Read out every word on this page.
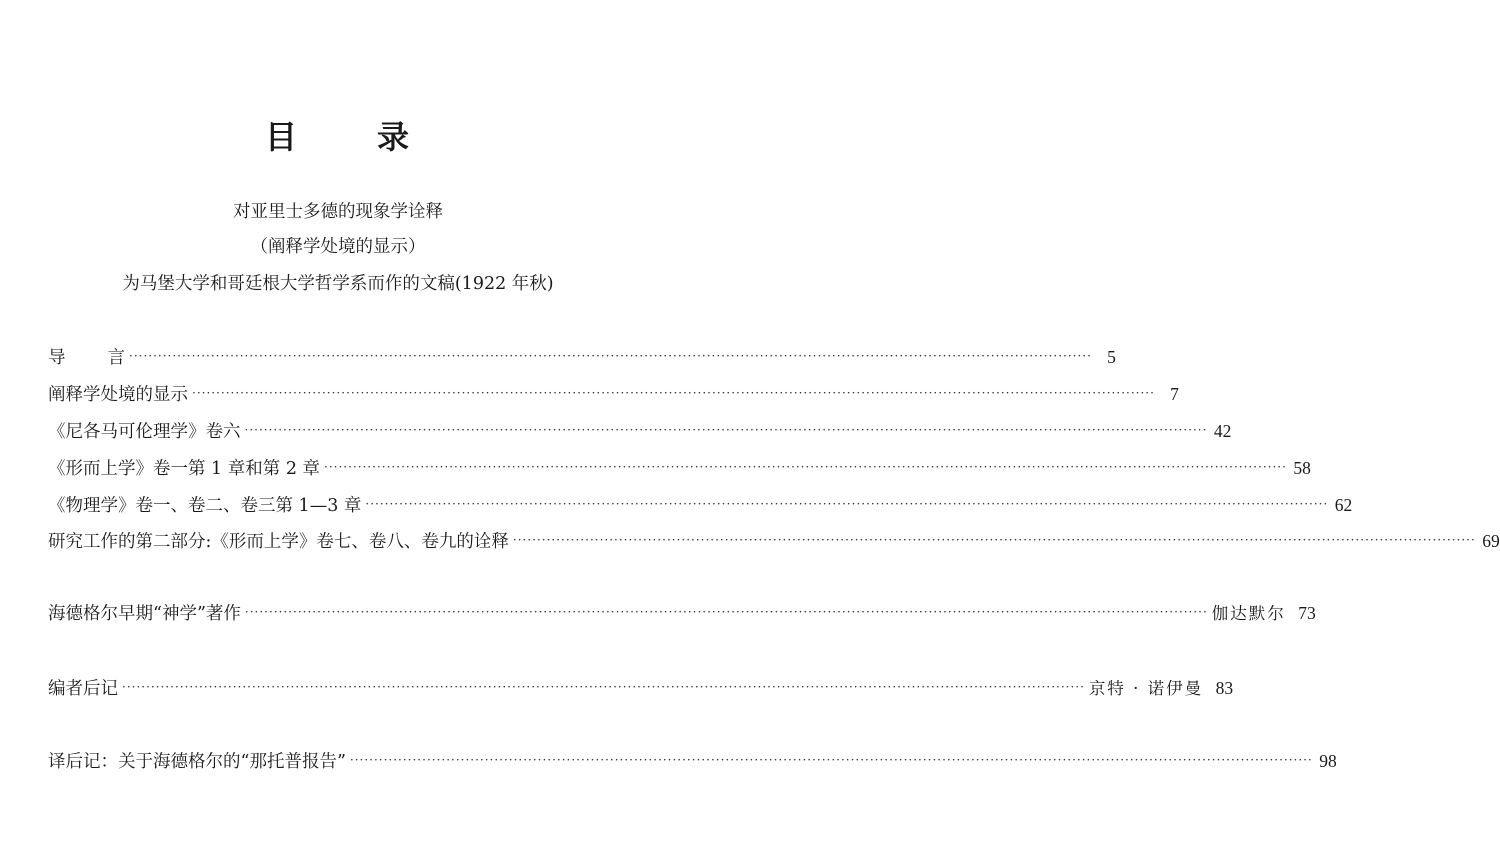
目 录
对亚里士多德的现象学诠释
（阐释学处境的显示）
为马堡大学和哥廷根大学哲学系而作的文稿(1922 年秋)
导 言 ········································································································································································································ 5
阐释学处境的显示 ········································································································································································································ 7
《尼各马可伦理学》卷六 ········································································································································································································ 42
《形而上学》卷一第 1 章和第 2 章 ········································································································································································································ 58
《物理学》卷一、卷二、卷三第 1—3 章 ········································································································································································································ 62
研究工作的第二部分:《形而上学》卷七、卷八、卷九的诠释 ········································································································································································································ 69
海德格尔早期“神学”著作 ········································································································································································································ 伽达默尔 73
编者后记 ········································································································································································································ 京特 · 诺伊曼 83
译后记：关于海德格尔的“那托普报告” ········································································································································································································ 98
